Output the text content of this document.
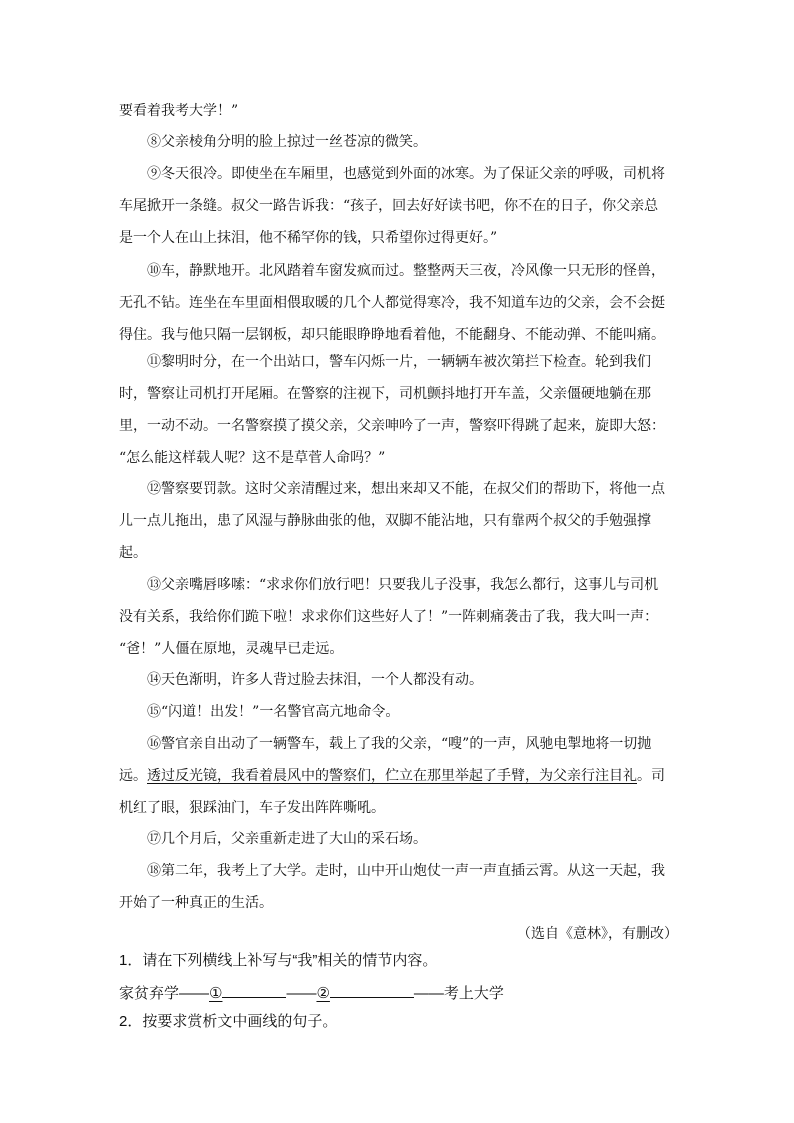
要看着我考大学！”
⑧父亲棱角分明的脸上掠过一丝苍凉的微笑。
⑨冬天很冷。即使坐在车厢里，也感觉到外面的冰寒。为了保证父亲的呼吸，司机将
车尾掀开一条缝。叔父一路告诉我：“孩子，回去好好读书吧，你不在的日子，你父亲总
是一个人在山上抹泪，他不稀罕你的钱，只希望你过得更好。”
⑩车，静默地开。北风踏着车窗发疯而过。整整两天三夜，冷风像一只无形的怪兽，
无孔不钻。连坐在车里面相偎取暖的几个人都觉得寒冷，我不知道车边的父亲，会不会挺
得住。我与他只隔一层钢板，却只能眼睁睁地看着他，不能翻身、不能动弹、不能叫痛。
⑪黎明时分，在一个出站口，警车闪烁一片，一辆辆车被次第拦下检查。轮到我们
时，警察让司机打开尾厢。在警察的注视下，司机颤抖地打开车盖，父亲僵硬地躺在那
里，一动不动。一名警察摸了摸父亲，父亲呻吟了一声，警察吓得跳了起来，旋即大怒：
“怎么能这样载人呢？这不是草菅人命吗？”
⑫警察要罚款。这时父亲清醒过来，想出来却又不能，在叔父们的帮助下，将他一点
儿一点儿拖出，患了风湿与静脉曲张的他，双脚不能沾地，只有靠两个叔父的手勉强撑
起。
⑬父亲嘴唇哆嗦：“求求你们放行吧！只要我儿子没事，我怎么都行，这事儿与司机
没有关系，我给你们跪下啦！求求你们这些好人了！”一阵刺痛袭击了我，我大叫一声：
“爸！”人僵在原地，灵魂早已走远。
⑭天色渐明，许多人背过脸去抹泪，一个人都没有动。
⑮“闪道！出发！”一名警官高亢地命令。
⑯警官亲自出动了一辆警车，载上了我的父亲，“嗖”的一声，风驰电掣地将一切抛
远。透过反光镜，我看着晨风中的警察们，伫立在那里举起了手臂，为父亲行注目礼。司
机红了眼，狠踩油门，车子发出阵阵嘶吼。
⑰几个月后，父亲重新走进了大山的采石场。
⑱第二年，我考上了大学。走时，山中开山炮仗一声一声直插云霄。从这一天起，我
开始了一种真正的生活。
（选自《意林》，有删改）
1．请在下列横线上补写与“我”相关的情节内容。
家贫弃学——①	——②	——考上大学
2．按要求赏析文中画线的句子。
